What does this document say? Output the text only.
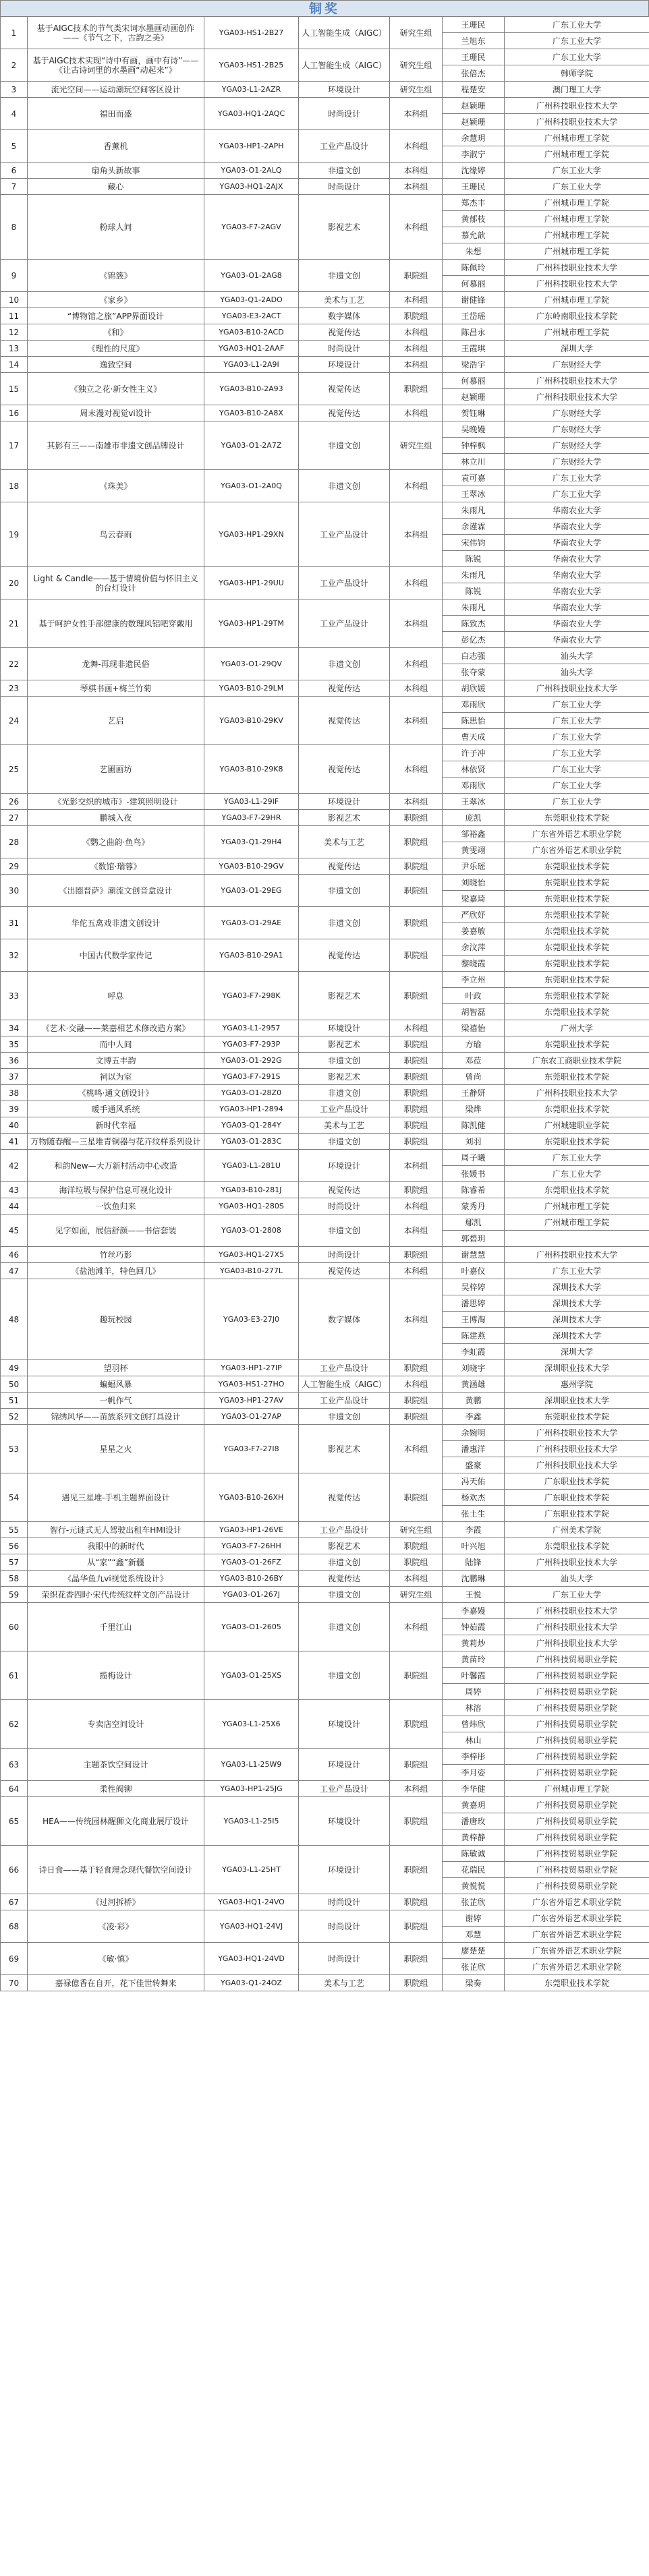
铜奖
1	基于AIGC技术的节气类宋词水墨画动画创作——《节气之下，古韵之美》	YGA03-HS1-2B27	人工智能生成（AIGC）	研究生组	王珊民	广东工业大学
					兰旭东	广东工业大学
2	基于AIGC技术实现“诗中有画，画中有诗”——《让古诗词里的水墨画“动起来”》	YGA03-HS1-2B25	人工智能生成（AIGC）	研究生组	王珊民	广东工业大学
					张倍杰	韩师学院
3	流光空间——运动潮玩空间客区设计	YGA03-L1-2AZR	环境设计	研究生组	程楚安	澳门理工大学
4	福田而盛	YGA03-HQ1-2AQC	时尚设计	本科组	赵颖珊	广州科技职业技术大学
					赵颖珊	广州科技职业技术大学
5	香薰机	YGA03-HP1-2APH	工业产品设计	本科组	余慧玥	广州城市理工学院
					李淑宁	广州城市理工学院
6	扇角头新故事	YGA03-O1-2ALQ	非遗文创	本科组	沈缘婷	广东工业大学
7	藏心	YGA03-HQ1-2AJX	时尚设计	本科组	王珊民	广东工业大学
8	粉球人间	YGA03-F7-2AGV	影视艺术	本科组	郑杰丰	广州城市理工学院
					黄郁枝	广州城市理工学院
					慕允歆	广州城市理工学院
					朱想	广州城市理工学院
9	《锦簇》	YGA03-O1-2AG8	非遗文创	职院组	陈佩玲	广州科技职业技术大学
					何慕丽	广州科技职业技术大学
10	《家乡》	YGA03-Q1-2ADO	美术与工艺	本科组	谢健锋	广州城市理工学院
11	“博物馆之旅”APP界面设计	YGA03-E3-2ACT	数字媒体	职院组	王岱瑶	广东岭南职业技术学院
12	《和》	YGA03-B10-2ACD	视觉传达	本科组	陈昌永	广州城市理工学院
13	《理性的尺度》	YGA03-HQ1-2AAF	时尚设计	本科组	王霞琪	深圳大学
14	逸致空间	YGA03-L1-2A9I	环境设计	本科组	梁浩宇	广东财经大学
15	《独立之花·新女性主义》	YGA03-B10-2A93	视觉传达	职院组	何慕丽	广州科技职业技术大学
					赵颖珊	广州科技职业技术大学
16	周末漫对视觉vi设计	YGA03-B10-2A8X	视觉传达	本科组	贺钰琳	广东财经大学
17	其影有三——南雄市非遗文创品牌设计	YGA03-O1-2A7Z	非遗文创	研究生组	吴晚嫚	广东财经大学
					钟梓枫	广东财经大学
					林立川	广东财经大学
18	《珠美》	YGA03-O1-2A0Q	非遗文创	本科组	袁可嘉	广东工业大学
					王翠冰	广东工业大学
19	鸟云春雨	YGA03-HP1-29XN	工业产品设计	本科组	朱雨凡	华南农业大学
					余谨霖	华南农业大学
					宋伟钧	华南农业大学
					陈锐	华南农业大学
20	Light & Candle——基于情境价值与怀旧主义的台灯设计	YGA03-HP1-29UU	工业产品设计	本科组	朱雨凡	华南农业大学
					陈锐	华南农业大学
21	基于呵护女性手部健康的数理风铝吧穿戴用	YGA03-HP1-29TM	工业产品设计	本科组	朱雨凡	华南农业大学
					陈致杰	华南农业大学
					彭亿杰	华南农业大学
22	龙舞-再现非遗民俗	YGA03-O1-29QV	非遗文创	本科组	白志强	汕头大学
					张夺蒙	汕头大学
23	琴棋书画+梅兰竹菊	YGA03-B10-29LM	视觉传达	本科组	胡欣媛	广州科技职业技术大学
24	艺启	YGA03-B10-29KV	视觉传达	本科组	邓雨欣	广东工业大学
					陈思怡	广东工业大学
					曹天成	广东工业大学
25	艺圃画坊	YGA03-B10-29K8	视觉传达	本科组	许子冲	广东工业大学
					林依贤	广东工业大学
					邓雨欣	广东工业大学
26	《光影交织的城市》-建筑照明设计	YGA03-L1-29IF	环境设计	本科组	王翠冰	广东工业大学
27	鹏城入夜	YGA03-F7-29HR	影视艺术	职院组	庞凯	东莞职业技术学院
28	《鹦之曲韵·鱼鸟》	YGA03-Q1-29H4	美术与工艺	职院组	邹裕鑫	广东省外语艺术职业学院
					黄雯翊	广东省外语艺术职业学院
29	《数馆·瑞蓉》	YGA03-B10-29GV	视觉传达	职院组	尹乐瑶	东莞职业技术学院
30	《出圈晋萨》潮流文创音盒设计	YGA03-O1-29EG	非遗文创	职院组	刘晓怡	东莞职业技术学院
					梁嘉琦	东莞职业技术学院
31	华佗五禽戏非遗文创设计	YGA03-O1-29AE	非遗文创	职院组	严欣妤	东莞职业技术学院
					姜嘉敏	东莞职业技术学院
32	中国古代数学家传记	YGA03-B10-29A1	视觉传达	职院组	余汶萍	东莞职业技术学院
					黎晓霞	东莞职业技术学院
33	呼息	YGA03-F7-298K	影视艺术	职院组	李立州	东莞职业技术学院
					叶政	东莞职业技术学院
					胡智磊	东莞职业技术学院
34	《艺术·交融——莱嘉相艺术修改造方案》	YGA03-L1-2957	环境设计	本科组	梁禧怡	广州大学
35	而中人间	YGA03-F7-293P	影视艺术	职院组	方瑜	东莞职业技术学院
36	文博五丰韵	YGA03-O1-292G	非遗文创	职院组	邓莅	广东农工商职业技术学院
37	祠以为室	YGA03-F7-291S	影视艺术	职院组	曾尚	东莞职业技术学院
38	《桃鸣·通文创设计》	YGA03-O1-28Z0	非遗文创	职院组	王静妍	广州科技职业技术大学
39	暖手通风系统	YGA03-HP1-2894	工业产品设计	职院组	梁烨	东莞职业技术学院
40	新时代幸福	YGA03-Q1-284Y	美术与工艺	职院组	陈凯健	广州城建职业学院
41	万物随春醒—三星堆青铜器与花卉纹样系列设计	YGA03-O1-283C	非遗文创	职院组	刘羽	东莞职业技术学院
42	和韵New—大万新村活动中心改造	YGA03-L1-281U	环境设计	本科组	周子曦	广东工业大学
					张媛书	广东工业大学
43	海洋垃圾与保护信息可视化设计	YGA03-B10-281J	视觉传达	职院组	陈睿希	东莞职业技术学院
44	一饮鱼归来	YGA03-HQ1-280S	时尚设计	本科组	蒙秀丹	广州城市理工学院
45	见字如面，展信舒颜——书信套装	YGA03-O1-2808	非遗文创	本科组	鄢凯	广州城市理工学院
					郭碧玥	
46	竹丝巧影	YGA03-HQ1-27X5	时尚设计	职院组	谢慧慧	广州科技职业技术大学
47	《盐池滩羊，特色回几》	YGA03-B10-277L	视觉传达	本科组	叶嘉仪	广东工业大学
48	趣玩校园	YGA03-E3-27J0	数字媒体	本科组	吴梓婷	深圳技术大学
					潘思婷	深圳技术大学
					王博淘	深圳技术大学
					陈建燕	深圳技术大学
					李虹霞	深圳大学
49	望羽杯	YGA03-HP1-27IP	工业产品设计	职院组	刘晓宇	深圳职业技术大学
50	蝙蝠风暴	YGA03-HS1-27HO	人工智能生成（AIGC）	本科组	黄涵雄	惠州学院
51	一帆作气	YGA03-HP1-27AV	工业产品设计	职院组	黄鹏	深圳职业技术大学
52	锦绣风华——苗族系列文创打具设计	YGA03-O1-27AP	非遗文创	职院组	李鑫	东莞职业技术学院
53	星星之火	YGA03-F7-27I8	影视艺术	本科组	余婉明	广州科技职业技术大学
					潘惠洋	广州科技职业技术大学
					盛豪	广州科技职业技术大学
54	遇见三星堆-手机主题界面设计	YGA03-B10-26XH	视觉传达	职院组	冯天佑	广东职业技术学院
					杨欢杰	广东职业技术学院
					张土生	广东职业技术学院
55	智行-元谜式无人驾驶出租车HMI设计	YGA03-HP1-26VE	工业产品设计	研究生组	李霞	广州美术学院
56	我眼中的新时代	YGA03-F7-26HH	影视艺术	职院组	叶兴旭	东莞职业技术学院
57	从“家”“鑫”新疆	YGA03-O1-26FZ	非遗文创	职院组	陆锋	广州科技职业技术大学
58	《晶华鱼九vi视觉系统设计》	YGA03-B10-26BY	视觉传达	本科组	沈鹏琳	汕头大学
59	荣织花香四时·宋代传统纹样文创产品设计	YGA03-O1-267J	非遗文创	研究生组	王悦	广东工业大学
60	千里江山	YGA03-O1-2605	非遗文创	本科组	李嘉嫚	广州科技职业技术大学
					钟茹霞	广州科技职业技术大学
					黄莉炒	广州科技职业技术大学
61	揽梅设计	YGA03-O1-25XS	非遗文创	职院组	黄苗玲	广州科技贸易职业学院
					叶馨霞	广州科技贸易职业学院
					周婷	广州科技贸易职业学院
62	专卖店空间设计	YGA03-L1-25X6	环境设计	职院组	林溶	广州科技贸易职业学院
					曾炜欣	广州科技贸易职业学院
					林山	广州科技贸易职业学院
63	主题茶饮空间设计	YGA03-L1-25W9	环境设计	职院组	李梓彤	广州科技贸易职业学院
					李月姿	广州科技贸易职业学院
64	柔性阀铆	YGA03-HP1-25JG	工业产品设计	本科组	李华健	广州城市理工学院
65	HEA——传统园林醒狮文化商业展厅设计	YGA03-L1-25I5	环境设计	职院组	黄嘉玥	广州科技贸易职业学院
					潘唐玫	广州科技贸易职业学院
					黄梓静	广州科技贸易职业学院
66	诗日食——基于轻食理念现代餐饮空间设计	YGA03-L1-25HT	环境设计	职院组	陈敏诚	广州科技贸易职业学院
					花瑞民	广州科技贸易职业学院
					黄悦悦	广州科技贸易职业学院
67	《过河拆桥》	YGA03-HQ1-24VO	时尚设计	职院组	张芷欣	广东省外语艺术职业学院
68	《凌·彩》	YGA03-HQ1-24VJ	时尚设计	职院组	谢婷	广东省外语艺术职业学院
					邓慧	广东省外语艺术职业学院
69	《敏·慎》	YGA03-HQ1-24VD	时尚设计	职院组	廖楚楚	广东省外语艺术职业学院
					张芷欣	广东省外语艺术职业学院
70	嘉禄億香在自开，花下佳世转舞来	YGA03-Q1-24OZ	美术与工艺	职院组	梁奏	东莞职业技术学院
